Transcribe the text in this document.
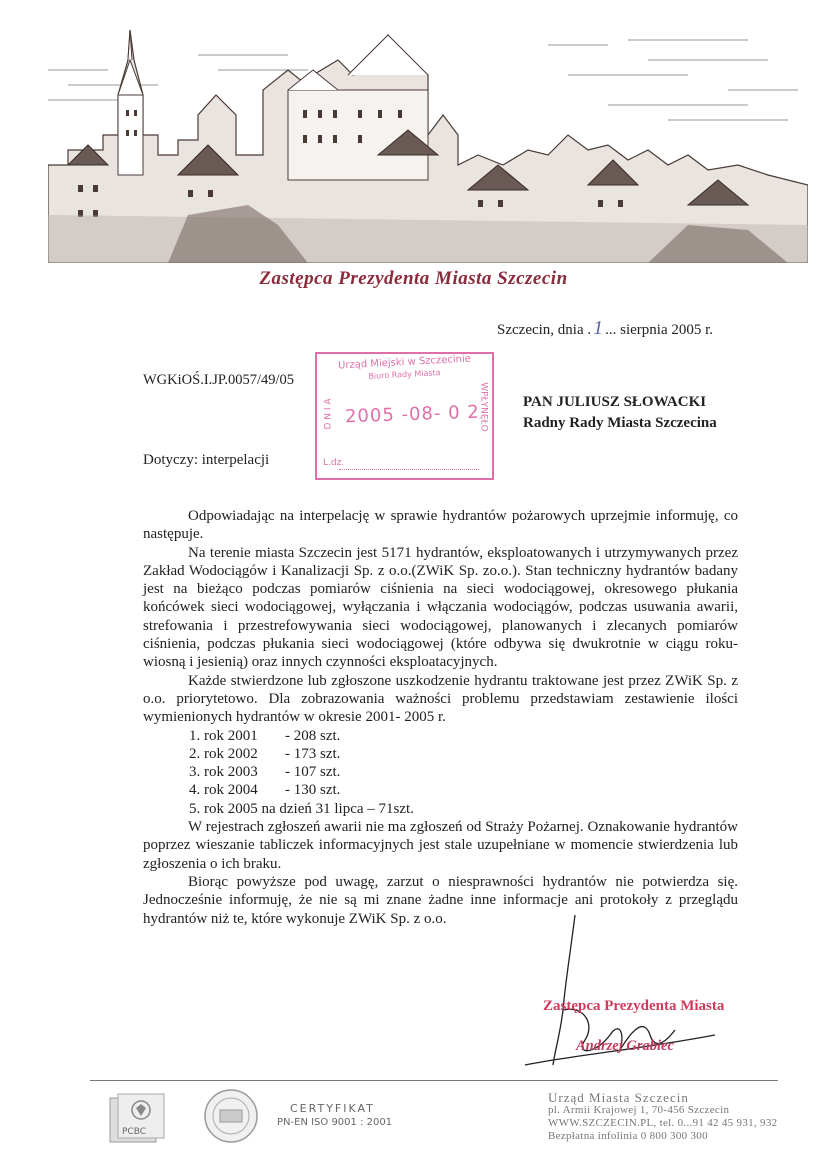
Zastępca Prezydenta Miasta Szczecin
Szczecin, dnia . 1 ... sierpnia 2005 r.
WGKiOŚ.I.JP.0057/49/05
Urząd Miejski w Szczecinie
Biuro Rady Miasta
D N I A 2005 -08- 0 2
WPŁYNĘŁO
L.dz.
PAN JULIUSZ SŁOWACKI
Radny Rady Miasta Szczecina
Dotyczy: interpelacji

Odpowiadając na interpelację w sprawie hydrantów pożarowych uprzejmie informuję, co następuje.

Na terenie miasta Szczecin jest 5171 hydrantów, eksploatowanych i utrzymywanych przez Zakład Wodociągów i Kanalizacji Sp. z o.o.(ZWiK Sp. zo.o.). Stan techniczny hydrantów badany jest na bieżąco podczas pomiarów ciśnienia na sieci wodociągowej, okresowego płukania końcówek sieci wodociągowej, wyłączania i włączania wodociągów, podczas usuwania awarii, strefowania i przestrefowywania sieci wodociągowej, planowanych i zlecanych pomiarów ciśnienia, podczas płukania sieci wodociągowej (które odbywa się dwukrotnie w ciągu roku- wiosną i jesienią) oraz innych czynności eksploatacyjnych.

Każde stwierdzone lub zgłoszone uszkodzenie hydrantu traktowane jest przez ZWiK Sp. z o.o. priorytetowo. Dla zobrazowania ważności problemu przedstawiam zestawienie ilości wymienionych hydrantów w okresie 2001- 2005 r.

1. rok 2001	- 208 szt.
2. rok 2002	- 173 szt.
3. rok 2003	- 107 szt.
4. rok 2004	- 130 szt.
5. rok 2005 na dzień 31 lipca – 71szt.

W rejestrach zgłoszeń awarii nie ma zgłoszeń od Straży Pożarnej. Oznakowanie hydrantów poprzez wieszanie tabliczek informacyjnych jest stale uzupełniane w momencie stwierdzenia lub zgłoszenia o ich braku.

Biorąc powyższe pod uwagę, zarzut o niesprawności hydrantów nie potwierdza się. Jednocześnie informuję, że nie są mi znane żadne inne informacje ani protokoły z przeglądu hydrantów niż te, które wykonuje ZWiK Sp. z o.o.

Zastępca Prezydenta Miasta
Andrzej Grabiec
PCBC
CERTYFIKAT
PN-EN ISO 9001 : 2001
Urząd Miasta Szczecin
pl. Armii Krajowej 1, 70-456 Szczecin
WWW.SZCZECIN.PL, tel. 0...91 42 45 931, 932
Bezpłatna infolinia 0 800 300 300
